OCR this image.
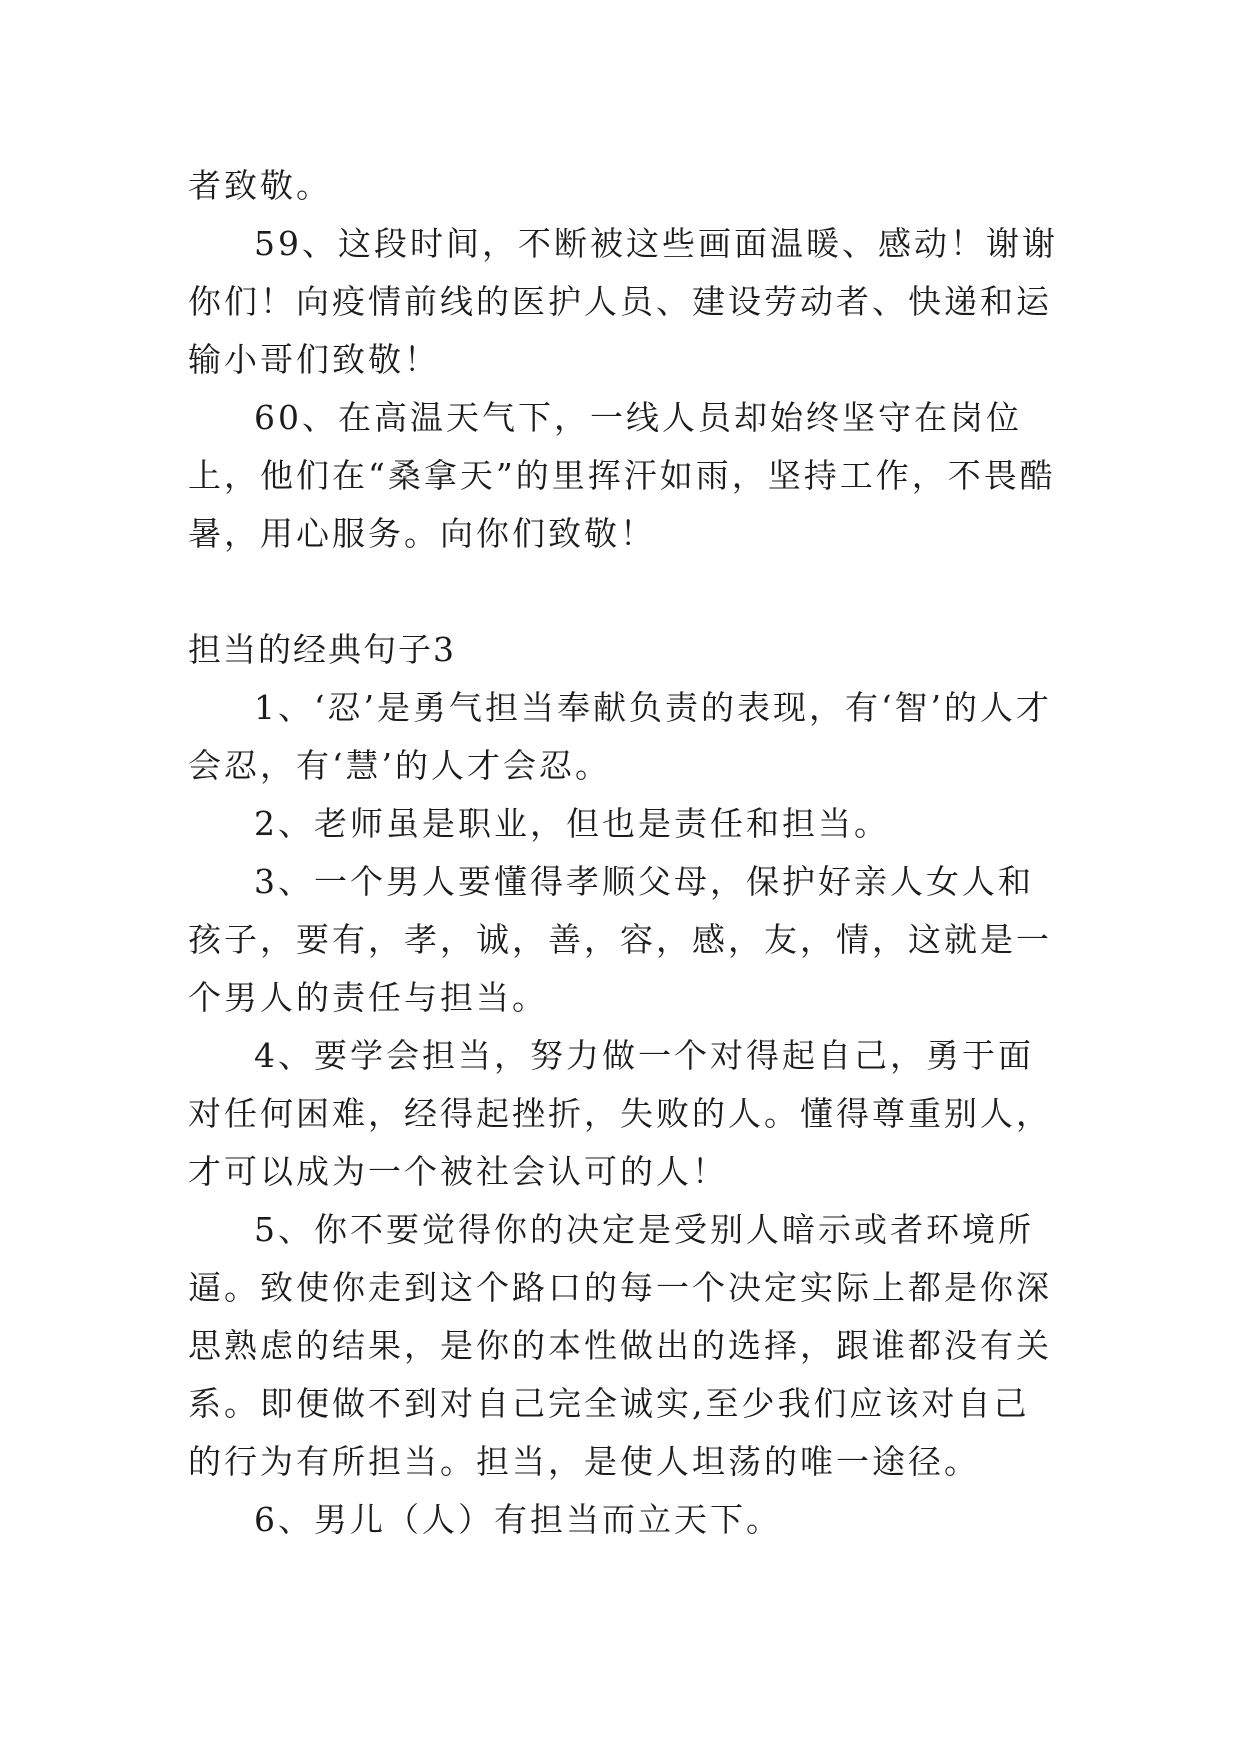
者致敬。

59、这段时间，不断被这些画面温暖、感动！谢谢你们！向疫情前线的医护人员、建设劳动者、快递和运输小哥们致敬！

60、在高温天气下，一线人员却始终坚守在岗位上，他们在“桑拿天”的里挥汗如雨，坚持工作，不畏酷暑，用心服务。向你们致敬！

担当的经典句子3

1、‘忍’是勇气担当奉献负责的表现，有‘智’的人才会忍，有‘慧’的人才会忍。

2、老师虽是职业，但也是责任和担当。

3、一个男人要懂得孝顺父母，保护好亲人女人和孩子，要有，孝，诚，善，容，感，友，情，这就是一个男人的责任与担当。

4、要学会担当，努力做一个对得起自己，勇于面对任何困难，经得起挫折，失败的人。懂得尊重别人，才可以成为一个被社会认可的人！

5、你不要觉得你的决定是受别人暗示或者环境所逼。致使你走到这个路口的每一个决定实际上都是你深思熟虑的结果，是你的本性做出的选择，跟谁都没有关系。即便做不到对自己完全诚实,至少我们应该对自己的行为有所担当。担当，是使人坦荡的唯一途径。

6、男儿（人）有担当而立天下。
